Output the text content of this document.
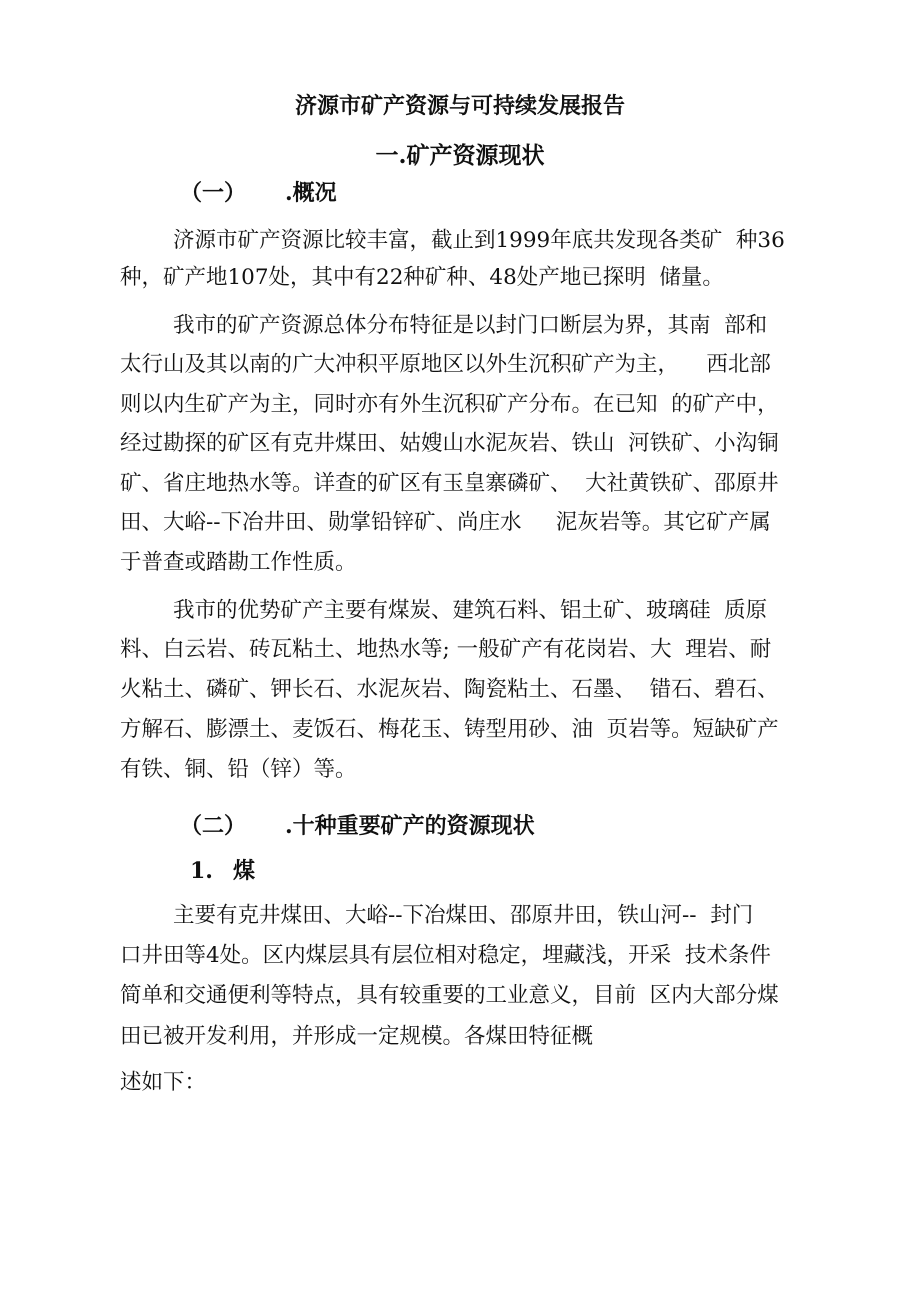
济源市矿产资源与可持续发展报告
一.矿产资源现状
（一） .概况
济源市矿产资源比较丰富，截止到1999年底共发现各类矿  种36
种，矿产地107处，其中有22种矿种、48处产地已探明  储量。
我市的矿产资源总体分布特征是以封门口断层为界，其南  部和
太行山及其以南的广大冲积平原地区以外生沉积矿产为主，    西北部
则以内生矿产为主，同时亦有外生沉积矿产分布。在已知  的矿产中，
经过勘探的矿区有克井煤田、姑嫂山水泥灰岩、铁山  河铁矿、小沟铜
矿、省庄地热水等。详查的矿区有玉皇寨磷矿、  大社黄铁矿、邵原井
田、大峪--下冶井田、勋掌铅锌矿、尚庄水     泥灰岩等。其它矿产属
于普查或踏勘工作性质。
我市的优势矿产主要有煤炭、建筑石料、铝土矿、玻璃硅  质原
料、白云岩、砖瓦粘土、地热水等; 一般矿产有花岗岩、大  理岩、耐
火粘土、磷矿、钾长石、水泥灰岩、陶瓷粘土、石墨、  错石、碧石、
方解石、膨漂土、麦饭石、梅花玉、铸型用砂、油  页岩等。短缺矿产
有铁、铜、铅（锌）等。
（二） .十种重要矿产的资源现状
1. 煤
主要有克井煤田、大峪--下冶煤田、邵原井田，铁山河--  封门
口井田等4处。区内煤层具有层位相对稳定，埋藏浅，开采  技术条件
简单和交通便利等特点，具有较重要的工业意义，目前  区内大部分煤
田已被开发利用，并形成一定规模。各煤田特征概
述如下：
